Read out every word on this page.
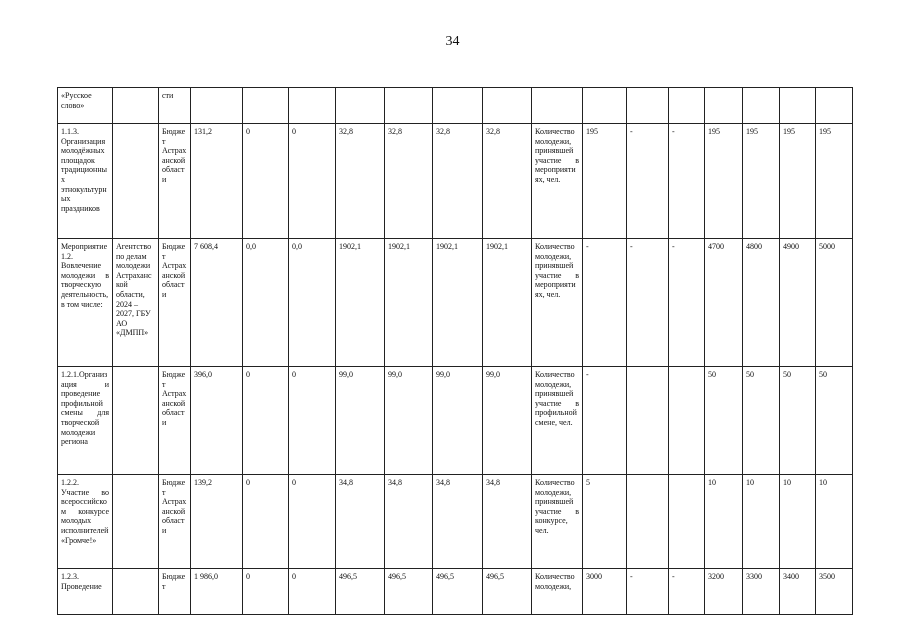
34
«Русское слово»		сти															
1.1.3. Организация молодёжных площадок традиционных этнокультурных праздников		Бюджет Астраханской области	131,2	0	0	32,8	32,8	32,8	32,8	Количество молодежи, принявшей участие в мероприятиях, чел.	195	-	-	195	195	195	195
Мероприятие 1.2. Вовлечение молодежи в творческую деятельность, в том числе:	Агентство по делам молодежи Астраханской области, 2024 – 2027, ГБУ АО «ДМПП»	Бюджет Астраханской области	7 608,4	0,0	0,0	1902,1	1902,1	1902,1	1902,1	Количество молодежи, принявшей участие в мероприятиях, чел.	-	-	-	4700	4800	4900	5000
1.2.1.Организация и проведение профильной смены для творческой молодежи региона		Бюджет Астраханской области	396,0	0	0	99,0	99,0	99,0	99,0	Количество молодежи, принявшей участие в профильной смене, чел.	-			50	50	50	50
1.2.2. Участие во всероссийском конкурсе молодых исполнителей «Громче!»		Бюджет Астраханской области	139,2	0	0	34,8	34,8	34,8	34,8	Количество молодежи, принявшей участие в конкурсе, чел.	5			10	10	10	10
1.2.3. Проведение		Бюджет	1 986,0	0	0	496,5	496,5	496,5	496,5	Количество молодежи,	3000	-	-	3200	3300	3400	3500
